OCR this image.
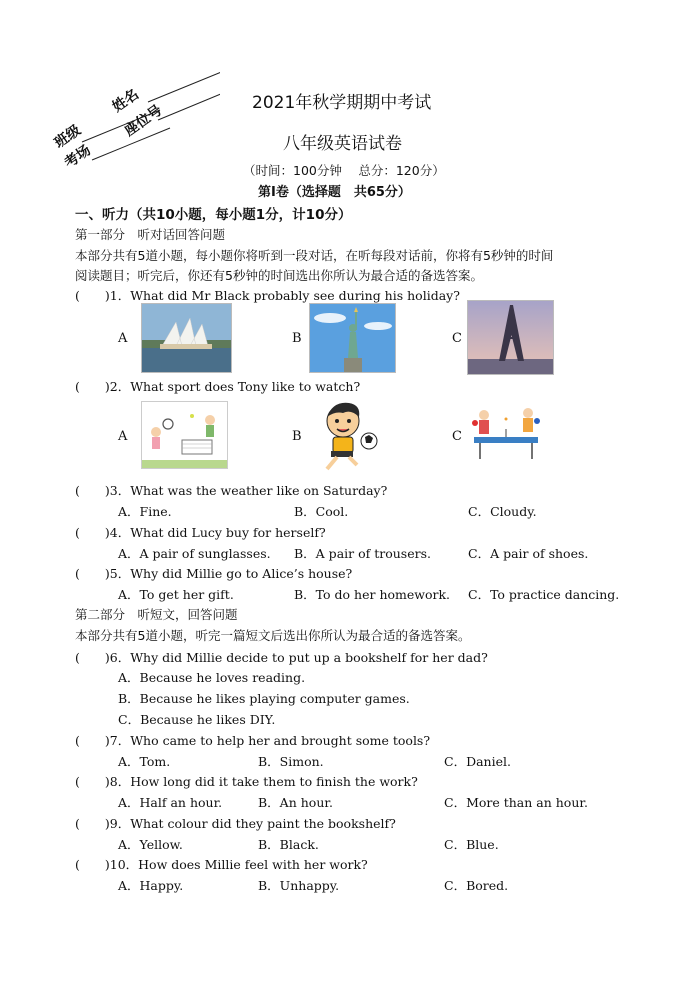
姓名
座位号
班级
考场
2021年秋学期期中考试
八年级英语试卷
（时间：100分钟　 总分：120分）
第I卷（选择题　共65分）
一、听力（共10小题，每小题1分，计10分）
第一部分　听对话回答问题
本部分共有5道小题，每小题你将听到一段对话，在听每段对话前，你将有5秒钟的时间
阅读题目；听完后，你还有5秒钟的时间选出你所认为最合适的备选答案。
(　　)1．What did Mr Black probably see during his holiday?
A	B	C
(　　)2．What sport does Tony like to watch?
A	B	C
(　　)3．What was the weather like on Saturday?
A．Fine.	B．Cool.	C．Cloudy.
(　　)4．What did Lucy buy for herself?
A．A pair of sunglasses. B．A pair of trousers.	C．A pair of shoes.
(　　)5．Why did Millie go to Alice’s house?
A．To get her gift.	B．To do her homework. C．To practice dancing.
第二部分　听短文，回答问题
本部分共有5道小题，听完一篇短文后选出你所认为最合适的备选答案。
(　　)6．Why did Millie decide to put up a bookshelf for her dad?
A．Because he loves reading.
B．Because he likes playing computer games.
C．Because he likes DIY.
(　　)7．Who came to help her and brought some tools?
A．Tom.	B．Simon.	C．Daniel.
(　　)8．How long did it take them to finish the work?
A．Half an hour.	B．An hour.	C．More than an hour.
(　　)9．What colour did they paint the bookshelf?
A．Yellow.	B．Black.	C．Blue.
(　　)10．How does Millie feel with her work?
A．Happy.	B．Unhappy.	C．Bored.
